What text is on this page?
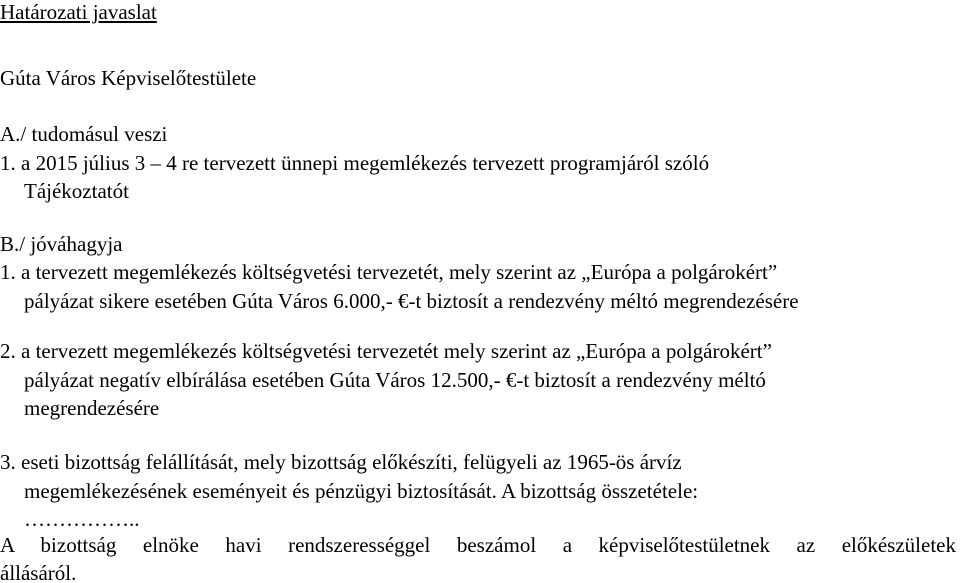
Határozati javaslat
Gúta Város Képviselőtestülete
A./ tudomásul veszi
1. a 2015 július 3 – 4 re tervezett ünnepi megemlékezés tervezett programjáról szóló
Tájékoztatót
B./ jóváhagyja
1. a tervezett megemlékezés költségvetési tervezetét, mely szerint az „Európa a polgárokért”
pályázat sikere esetében Gúta Város 6.000,- €-t biztosít a rendezvény méltó megrendezésére
2. a tervezett megemlékezés költségvetési tervezetét mely szerint az „Európa a polgárokért”
pályázat negatív elbírálása esetében Gúta Város 12.500,- €-t biztosít a rendezvény méltó
megrendezésére
3. eseti bizottság felállítását, mely bizottság előkészíti, felügyeli az 1965-ös árvíz
megemlékezésének eseményeit és pénzügyi biztosítását. A bizottság összetétele:
……………..
A bizottság elnöke havi rendszerességgel beszámol a képviselőtestületnek az előkészületek
állásáról.
